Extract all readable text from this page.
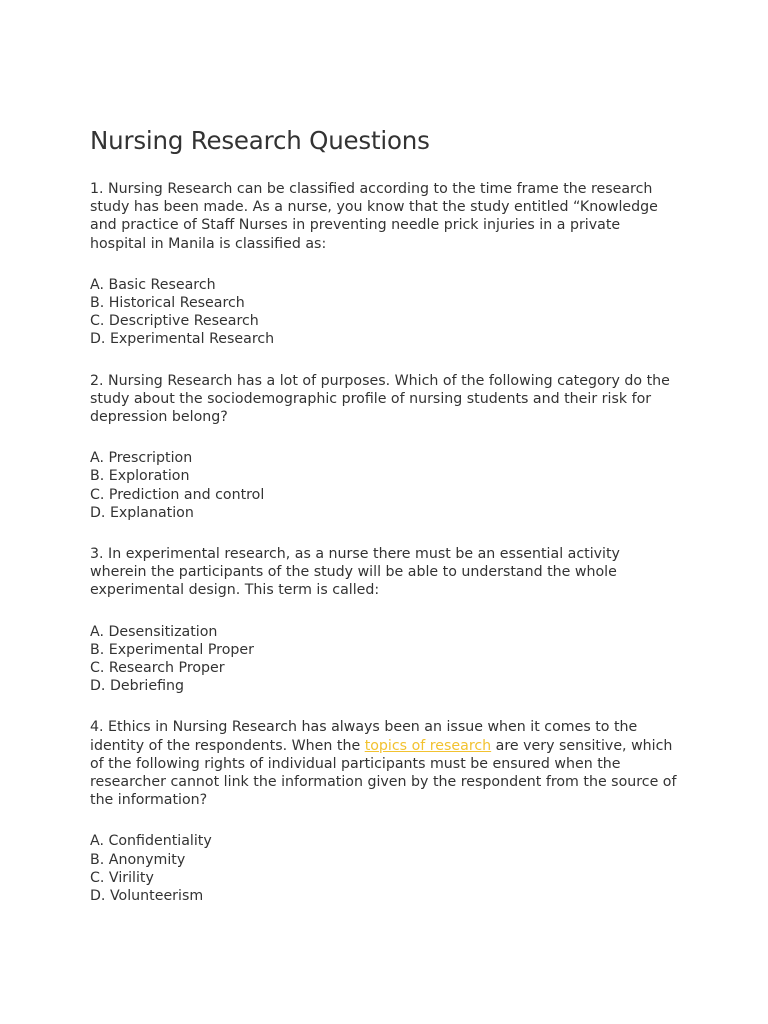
Nursing Research Questions

1. Nursing Research can be classified according to the time frame the research study has been made. As a nurse, you know that the study entitled “Knowledge and practice of Staff Nurses in preventing needle prick injuries in a private hospital in Manila is classified as:

A. Basic Research
B. Historical Research
C. Descriptive Research
D. Experimental Research

2. Nursing Research has a lot of purposes. Which of the following category do the study about the sociodemographic profile of nursing students and their risk for depression belong?

A. Prescription
B. Exploration
C. Prediction and control
D. Explanation

3. In experimental research, as a nurse there must be an essential activity wherein the participants of the study will be able to understand the whole experimental design. This term is called:

A. Desensitization
B. Experimental Proper
C. Research Proper
D. Debriefing

4. Ethics in Nursing Research has always been an issue when it comes to the identity of the respondents. When the topics of research are very sensitive, which of the following rights of individual participants must be ensured when the researcher cannot link the information given by the respondent from the source of the information?

A. Confidentiality
B. Anonymity
C. Virility
D. Volunteerism
